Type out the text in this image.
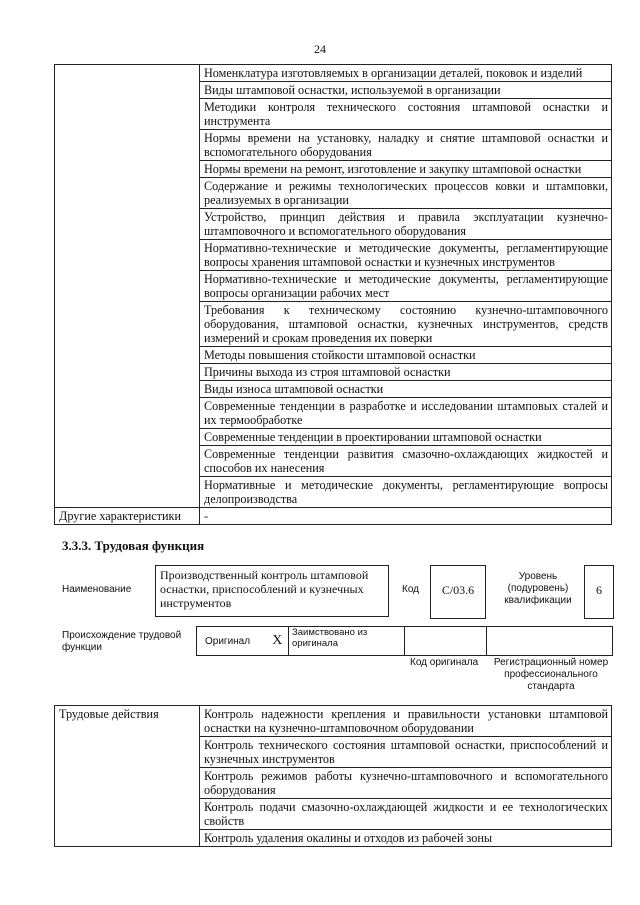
24
	Номенклатура изготовляемых в организации деталей, поковок и изделий
	Виды штамповой оснастки, используемой в организации
	Методики контроля технического состояния штамповой оснастки и инструмента
	Нормы времени на установку, наладку и снятие штамповой оснастки и вспомогательного оборудования
	Нормы времени на ремонт, изготовление и закупку штамповой оснастки
	Содержание и режимы технологических процессов ковки и штамповки, реализуемых в организации
	Устройство, принцип действия и правила эксплуатации кузнечно-штамповочного и вспомогательного оборудования
	Нормативно-технические и методические документы, регламентирующие вопросы хранения штамповой оснастки и кузнечных инструментов
	Нормативно-технические и методические документы, регламентирующие вопросы организации рабочих мест
	Требования к техническому состоянию кузнечно-штамповочного оборудования, штамповой оснастки, кузнечных инструментов, средств измерений и срокам проведения их поверки
	Методы повышения стойкости штамповой оснастки
	Причины выхода из строя штамповой оснастки
	Виды износа штамповой оснастки
	Современные тенденции в разработке и исследовании штамповых сталей и их термообработке
	Современные тенденции в проектировании штамповой оснастки
	Современные тенденции развития смазочно-охлаждающих жидкостей и способов их нанесения
	Нормативные и методические документы, регламентирующие вопросы делопроизводства
Другие характеристики	-
3.3.3. Трудовая функция
Наименование
Производственный контроль штамповой оснастки, приспособлений и кузнечных инструментов
Код	С/03.6
Уровень (подуровень) квалификации
6
Происхождение трудовой функции
Оригинал	Х	Заимствовано из оригинала		
Код оригинала	Регистрационный номер профессионального стандарта
Трудовые действия	Контроль надежности крепления и правильности установки штамповой оснастки на кузнечно-штамповочном оборудовании
Контроль технического состояния штамповой оснастки, приспособлений и кузнечных инструментов
Контроль режимов работы кузнечно-штамповочного и вспомогательного оборудования
Контроль подачи смазочно-охлаждающей жидкости и ее технологических свойств
Контроль удаления окалины и отходов из рабочей зоны
